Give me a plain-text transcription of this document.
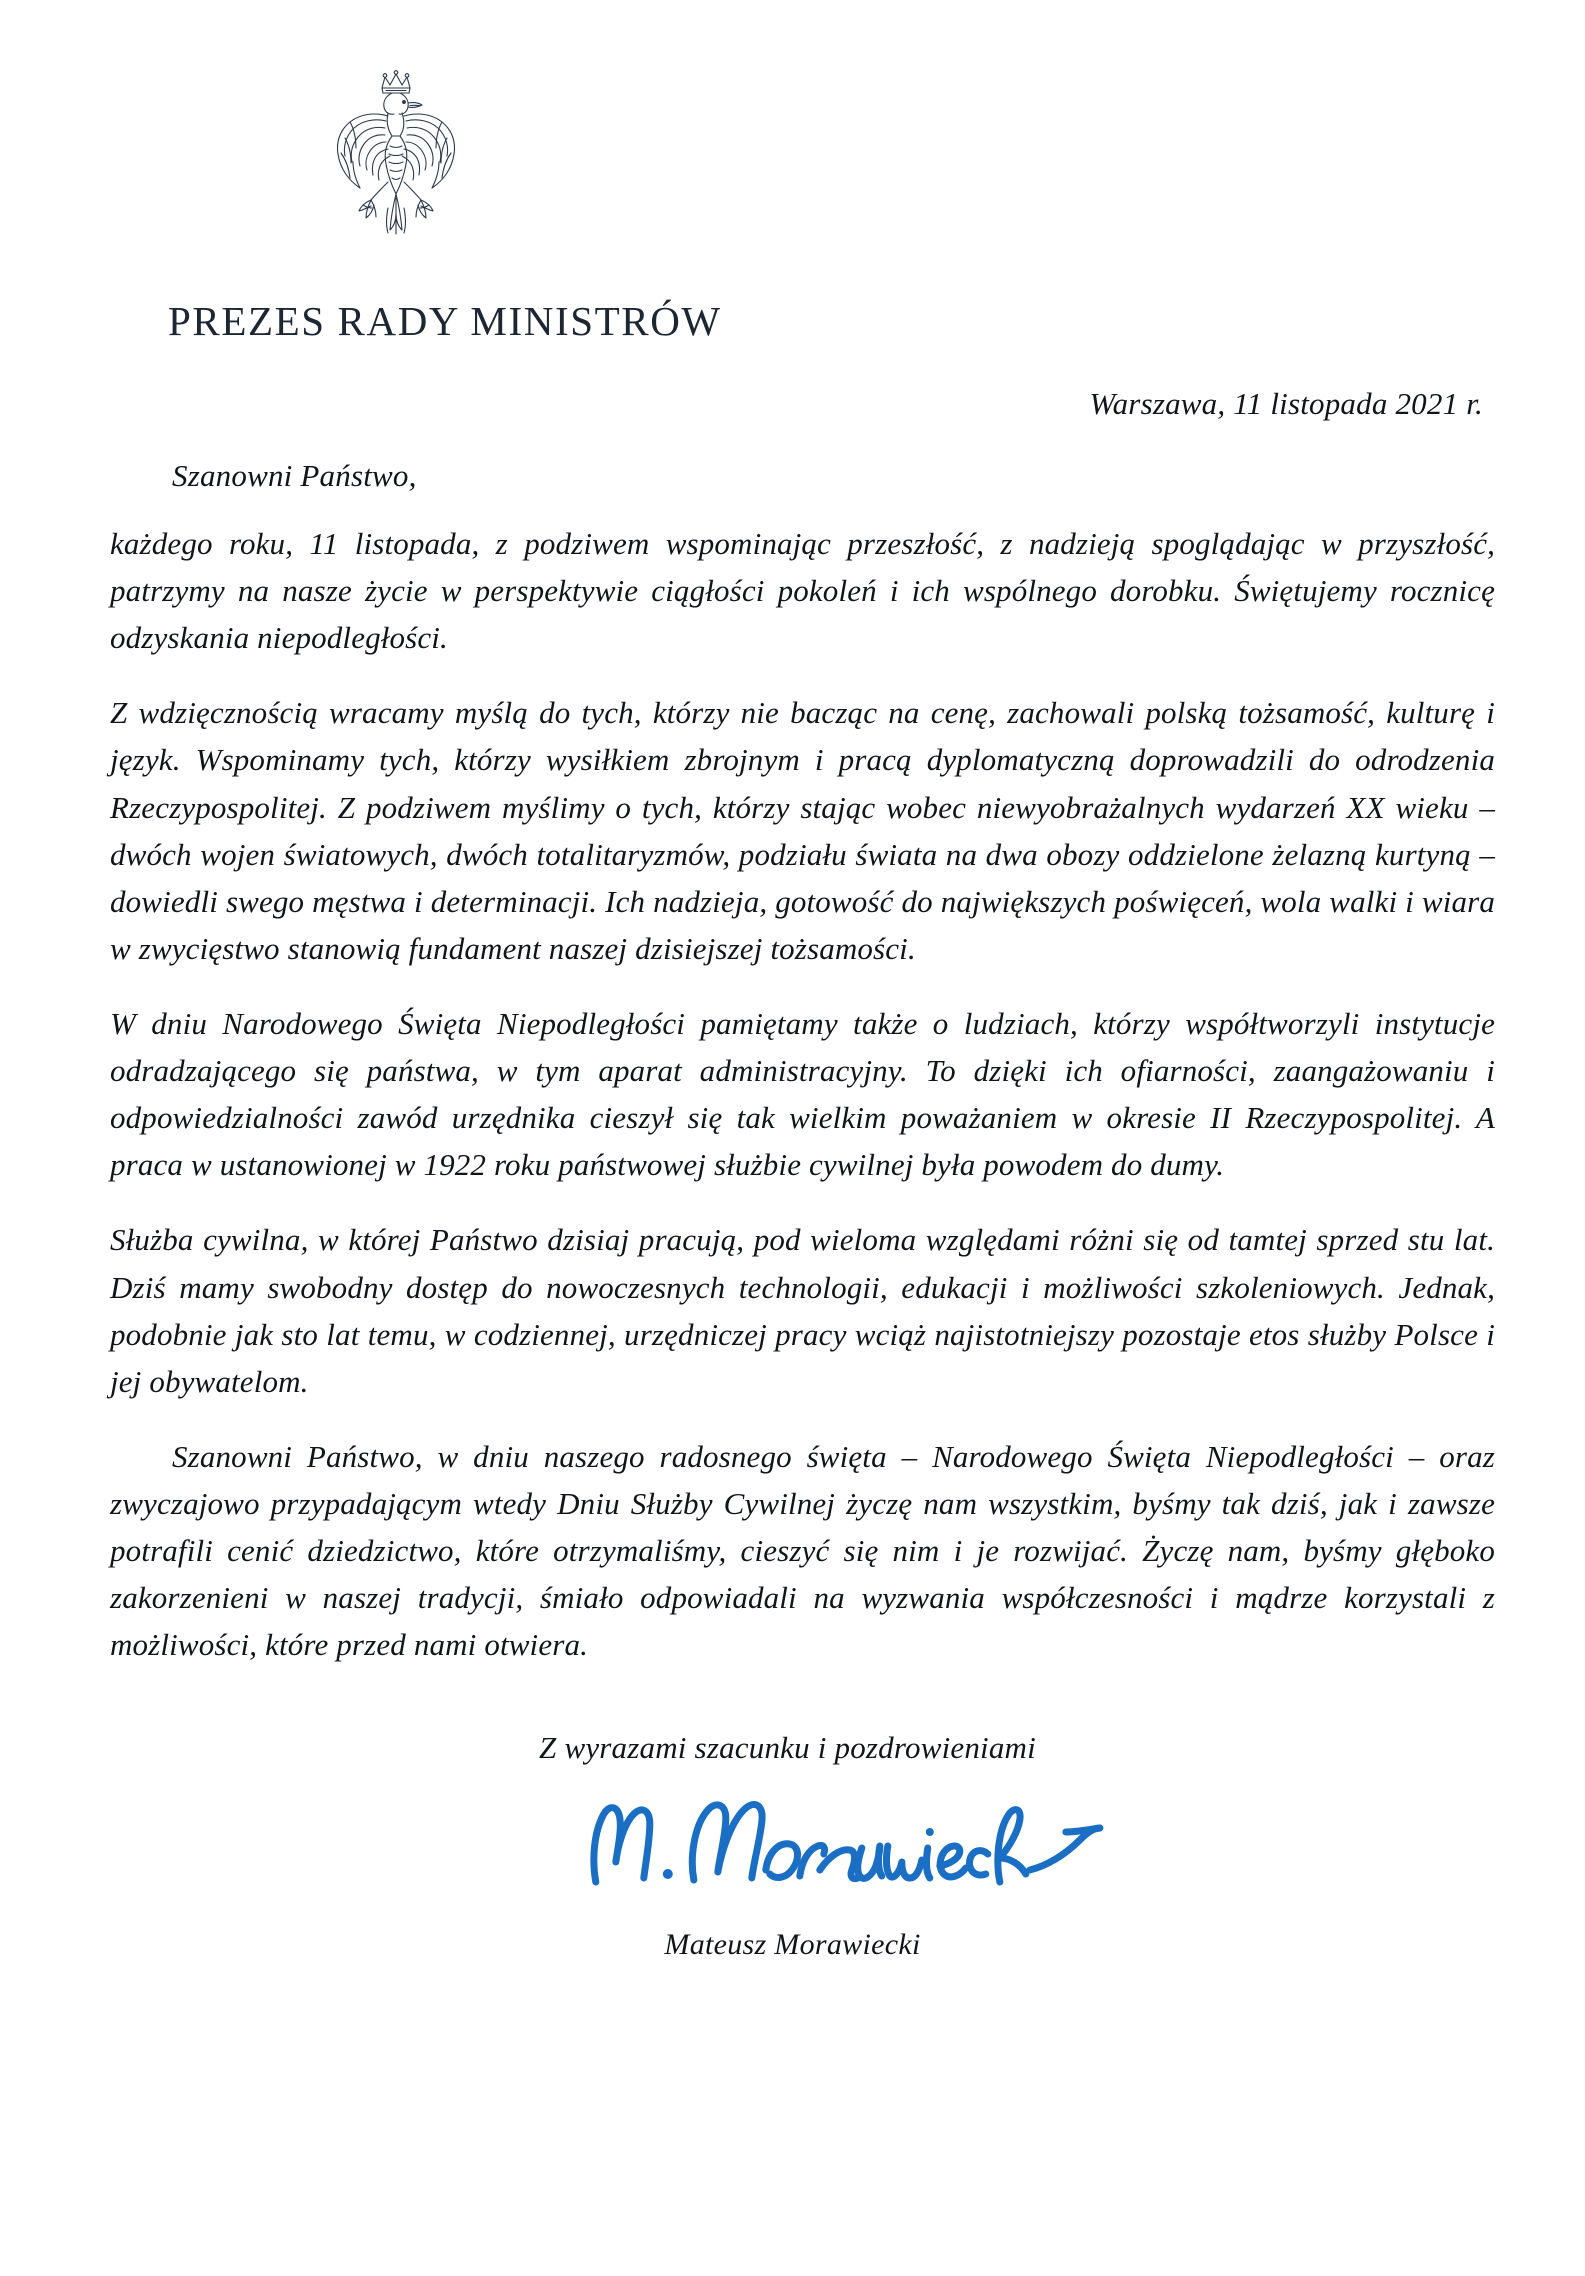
PREZES RADY MINISTRÓW
Warszawa, 11 listopada 2021 r.
Szanowni Państwo,

każdego roku, 11 listopada, z podziwem wspominając przeszłość, z nadzieją spoglądając w przyszłość, patrzymy na nasze życie w perspektywie ciągłości pokoleń i ich wspólnego dorobku. Świętujemy rocznicę odzyskania niepodległości.

Z wdzięcznością wracamy myślą do tych, którzy nie bacząc na cenę, zachowali polską tożsamość, kulturę i język. Wspominamy tych, którzy wysiłkiem zbrojnym i pracą dyplomatyczną doprowadzili do odrodzenia Rzeczypospolitej. Z podziwem myślimy o tych, którzy stając wobec niewyobrażalnych wydarzeń XX wieku – dwóch wojen światowych, dwóch totalitaryzmów, podziału świata na dwa obozy oddzielone żelazną kurtyną – dowiedli swego męstwa i determinacji. Ich nadzieja, gotowość do największych poświęceń, wola walki i wiara w zwycięstwo stanowią fundament naszej dzisiejszej tożsamości.

W dniu Narodowego Święta Niepodległości pamiętamy także o ludziach, którzy współtworzyli instytucje odradzającego się państwa, w tym aparat administracyjny. To dzięki ich ofiarności, zaangażowaniu i odpowiedzialności zawód urzędnika cieszył się tak wielkim poważaniem w okresie II Rzeczypospolitej. A praca w ustanowionej w 1922 roku państwowej służbie cywilnej była powodem do dumy.

Służba cywilna, w której Państwo dzisiaj pracują, pod wieloma względami różni się od tamtej sprzed stu lat. Dziś mamy swobodny dostęp do nowoczesnych technologii, edukacji i możliwości szkoleniowych. Jednak, podobnie jak sto lat temu, w codziennej, urzędniczej pracy wciąż najistotniejszy pozostaje etos służby Polsce i jej obywatelom.

Szanowni Państwo, w dniu naszego radosnego święta – Narodowego Święta Niepodległości – oraz zwyczajowo przypadającym wtedy Dniu Służby Cywilnej życzę nam wszystkim, byśmy tak dziś, jak i zawsze potrafili cenić dziedzictwo, które otrzymaliśmy, cieszyć się nim i je rozwijać. Życzę nam, byśmy głęboko zakorzenieni w naszej tradycji, śmiało odpowiadali na wyzwania współczesności i mądrze korzystali z możliwości, które przed nami otwiera.

Z wyrazami szacunku i pozdrowieniami
Mateusz Morawiecki
